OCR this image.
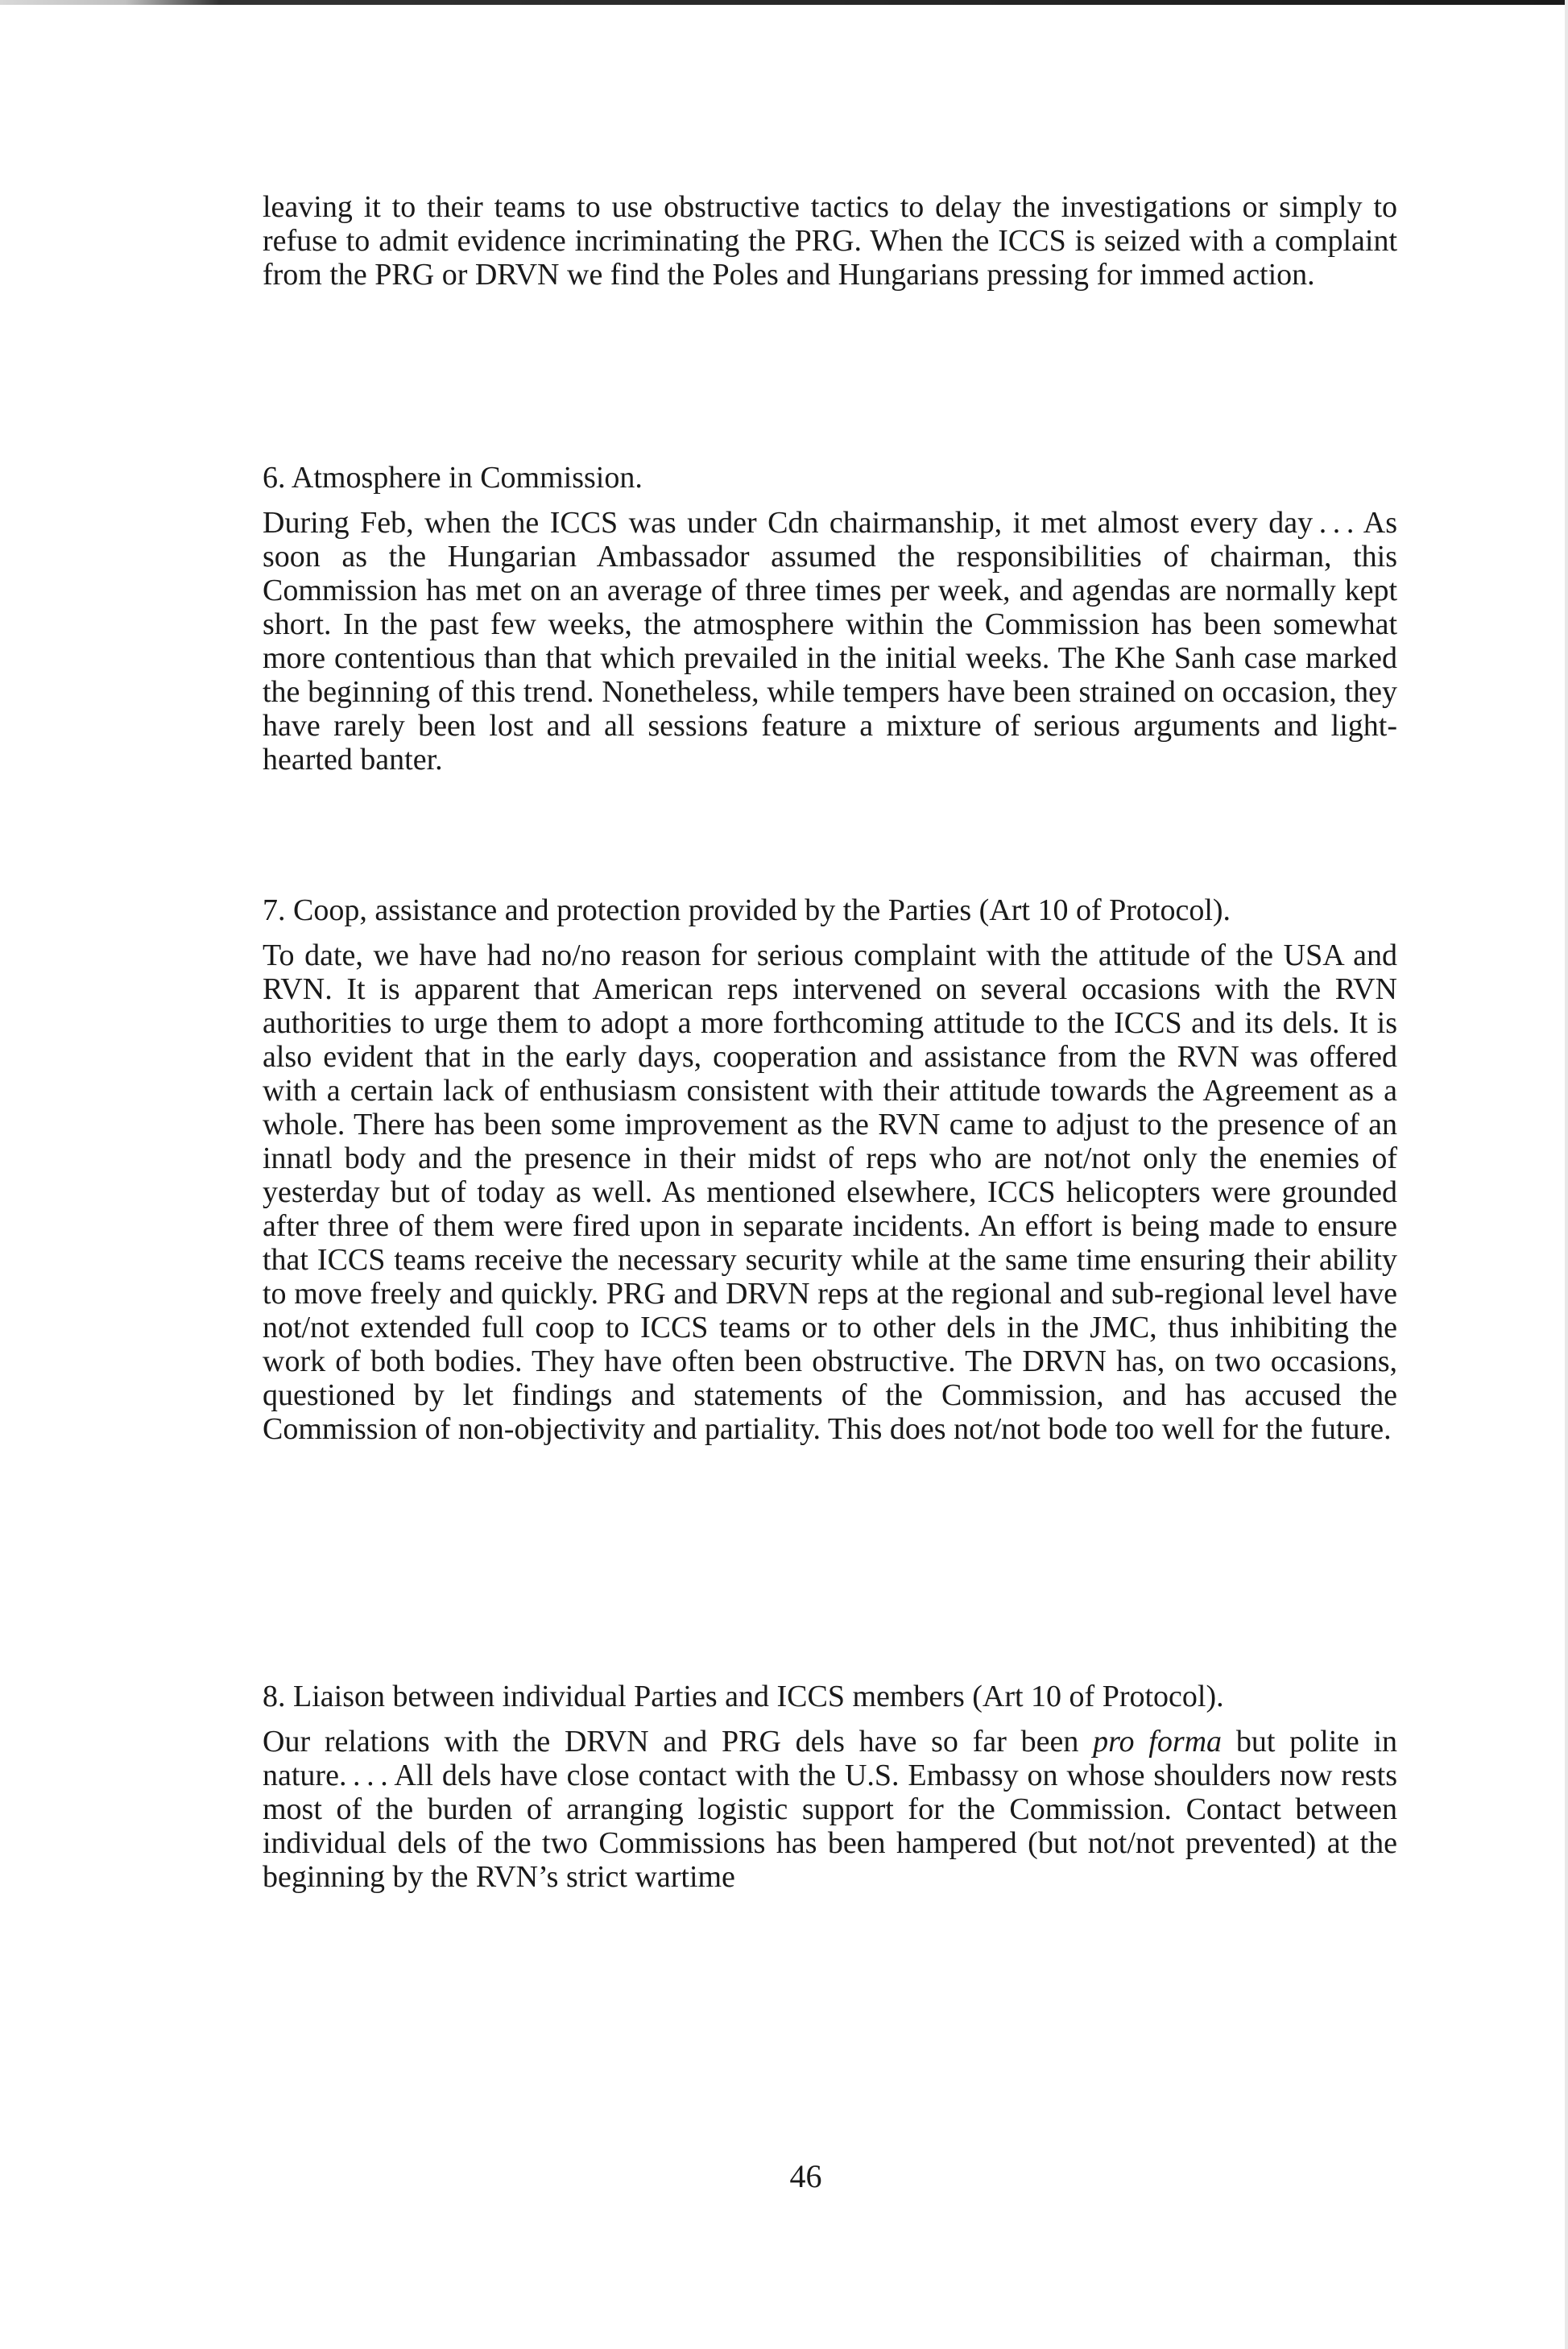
leaving it to their teams to use obstructive tactics to delay the investigations or simply to refuse to admit evidence incriminating the PRG. When the ICCS is seized with a complaint from the PRG or DRVN we find the Poles and Hungarians pressing for immed action.

6. Atmosphere in Commission.

During Feb, when the ICCS was under Cdn chairmanship, it met almost every day . . . As soon as the Hungarian Ambassador assumed the responsibilities of chairman, this Commission has met on an average of three times per week, and agendas are normally kept short. In the past few weeks, the atmosphere within the Commission has been somewhat more contentious than that which prevailed in the initial weeks. The Khe Sanh case marked the beginning of this trend. Nonetheless, while tempers have been strained on occasion, they have rarely been lost and all sessions feature a mixture of serious arguments and light-hearted banter.

7. Coop, assistance and protection provided by the Parties (Art 10 of Protocol).

To date, we have had no/no reason for serious complaint with the attitude of the USA and RVN. It is apparent that American reps intervened on several occasions with the RVN authorities to urge them to adopt a more forthcoming attitude to the ICCS and its dels. It is also evident that in the early days, cooperation and assistance from the RVN was offered with a certain lack of enthusiasm consistent with their attitude towards the Agreement as a whole. There has been some improvement as the RVN came to adjust to the presence of an innatl body and the presence in their midst of reps who are not/not only the enemies of yesterday but of today as well. As mentioned elsewhere, ICCS helicopters were grounded after three of them were fired upon in separate incidents. An effort is being made to ensure that ICCS teams receive the necessary security while at the same time ensuring their ability to move freely and quickly. PRG and DRVN reps at the regional and sub-regional level have not/not extended full coop to ICCS teams or to other dels in the JMC, thus inhibiting the work of both bodies. They have often been obstructive. The DRVN has, on two occasions, questioned by let findings and statements of the Commission, and has accused the Commission of non-objectivity and partiality. This does not/not bode too well for the future.

8. Liaison between individual Parties and ICCS members (Art 10 of Protocol).

Our relations with the DRVN and PRG dels have so far been pro forma but polite in nature. . . . All dels have close contact with the U.S. Embassy on whose shoulders now rests most of the burden of arranging logistic support for the Commission. Contact between individual dels of the two Commissions has been hampered (but not/not prevented) at the beginning by the RVN’s strict wartime

46
